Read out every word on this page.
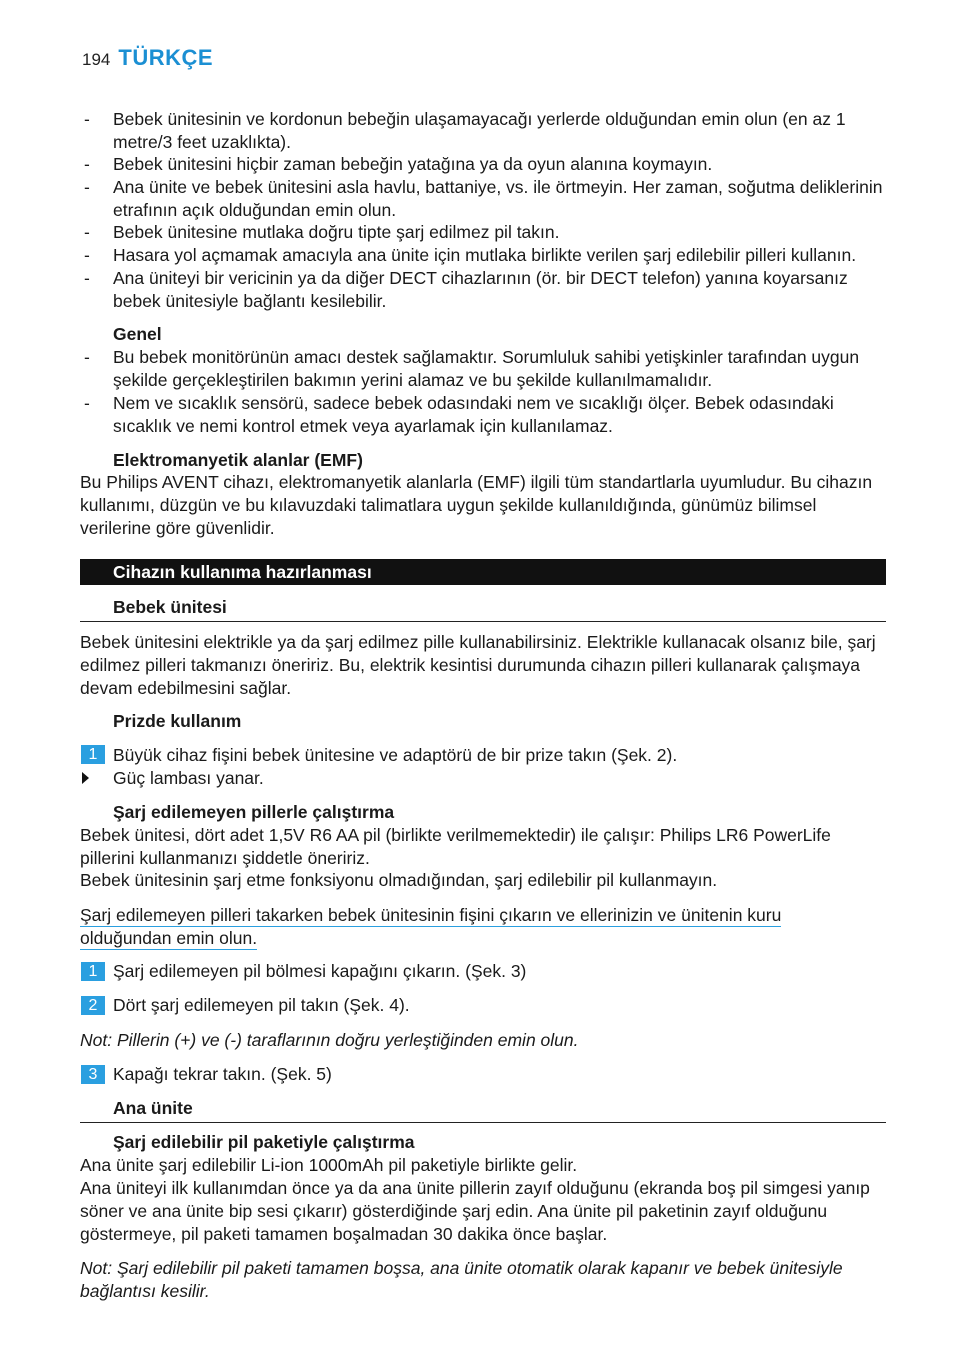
194 TÜRKÇE
- Bebek ünitesinin ve kordonun bebeğin ulaşamayacağı yerlerde olduğundan emin olun (en az 1 metre/3 feet uzaklıkta).
- Bebek ünitesini hiçbir zaman bebeğin yatağına ya da oyun alanına koymayın.
- Ana ünite ve bebek ünitesini asla havlu, battaniye, vs. ile örtmeyin. Her zaman, soğutma deliklerinin etrafının açık olduğundan emin olun.
- Bebek ünitesine mutlaka doğru tipte şarj edilmez pil takın.
- Hasara yol açmamak amacıyla ana ünite için mutlaka birlikte verilen şarj edilebilir pilleri kullanın.
- Ana üniteyi bir vericinin ya da diğer DECT cihazlarının (ör. bir DECT telefon) yanına koyarsanız bebek ünitesiyle bağlantı kesilebilir.
Genel
- Bu bebek monitörünün amacı destek sağlamaktır. Sorumluluk sahibi yetişkinler tarafından uygun şekilde gerçekleştirilen bakımın yerini alamaz ve bu şekilde kullanılmamalıdır.
- Nem ve sıcaklık sensörü, sadece bebek odasındaki nem ve sıcaklığı ölçer. Bebek odasındaki sıcaklık ve nemi kontrol etmek veya ayarlamak için kullanılamaz.
Elektromanyetik alanlar (EMF)
Bu Philips AVENT cihazı, elektromanyetik alanlarla (EMF) ilgili tüm standartlarla uyumludur. Bu cihazın kullanımı, düzgün ve bu kılavuzdaki talimatlara uygun şekilde kullanıldığında, günümüz bilimsel verilerine göre güvenlidir.
Cihazın kullanıma hazırlanması
Bebek ünitesi
Bebek ünitesini elektrikle ya da şarj edilmez pille kullanabilirsiniz. Elektrikle kullanacak olsanız bile, şarj edilmez pilleri takmanızı öneririz. Bu, elektrik kesintisi durumunda cihazın pilleri kullanarak çalışmaya devam edebilmesini sağlar.
Prizde kullanım
1 Büyük cihaz fişini bebek ünitesine ve adaptörü de bir prize takın (Şek. 2).
Güç lambası yanar.
Şarj edilemeyen pillerle çalıştırma
Bebek ünitesi, dört adet 1,5V R6 AA pil (birlikte verilmemektedir) ile çalışır: Philips LR6 PowerLife pillerini kullanmanızı şiddetle öneririz.
Bebek ünitesinin şarj etme fonksiyonu olmadığından, şarj edilebilir pil kullanmayın.
Şarj edilemeyen pilleri takarken bebek ünitesinin fişini çıkarın ve ellerinizin ve ünitenin kuru olduğundan emin olun.
1 Şarj edilemeyen pil bölmesi kapağını çıkarın. (Şek. 3)
2 Dört şarj edilemeyen pil takın (Şek. 4).
Not: Pillerin (+) ve (-) taraflarının doğru yerleştiğinden emin olun.
3 Kapağı tekrar takın. (Şek. 5)
Ana ünite
Şarj edilebilir pil paketiyle çalıştırma
Ana ünite şarj edilebilir Li-ion 1000mAh pil paketiyle birlikte gelir.
Ana üniteyi ilk kullanımdan önce ya da ana ünite pillerin zayıf olduğunu (ekranda boş pil simgesi yanıp söner ve ana ünite bip sesi çıkarır) gösterdiğinde şarj edin. Ana ünite pil paketinin zayıf olduğunu göstermeye, pil paketi tamamen boşalmadan 30 dakika önce başlar.
Not: Şarj edilebilir pil paketi tamamen boşsa, ana ünite otomatik olarak kapanır ve bebek ünitesiyle bağlantısı kesilir.
